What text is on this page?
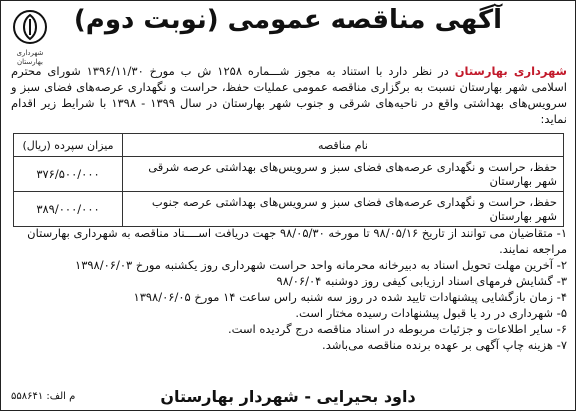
شهرداری بهارستان
آگهی مناقصه عمومی (نوبت دوم)
شهرداری بهارستان در نظر دارد با استناد به مجوز شـــماره ۱۲۵۸ ش ب مورخ ۱۳۹۶/۱۱/۳۰ شورای محترم اسلامی شهر بهارستان نسبت به برگزاری مناقصه عمومی عملیات حفظ، حراست و نگهداری عرصه‌های فضای سبز و سرویس‌های بهداشتی واقع در ناحیه‌های شرقی و جنوب شهر بهارستان در سال ۱۳۹۹ - ۱۳۹۸ با شرایط زیر اقدام نماید:
نام مناقصه	میزان سپرده (ریال)
حفظ، حراست و نگهداری عرصه‌های فضای سبز و سرویس‌های بهداشتی عرصه شرقی شهر بهارستان	۳۷۶/۵۰۰/۰۰۰
حفظ، حراست و نگهداری عرصه‌های فضای سبز و سرویس‌های بهداشتی عرصه جنوب شهر بهارستان	۳۸۹/۰۰۰/۰۰۰
۱- متقاضیان می توانند از تاریخ ۹۸/۰۵/۱۶ تا مورخه ۹۸/۰۵/۳۰ جهت دریافت اســــناد مناقصه به شهرداری بهارستان مراجعه نمایند.
۲- آخرین مهلت تحویل اسناد به دبیرخانه محرمانه واحد حراست شهرداری روز یکشنبه مورخ ۱۳۹۸/۰۶/۰۳
۳- گشایش فرمهای اسناد ارزیابی کیفی روز دوشنبه ۹۸/۰۶/۰۴
۴- زمان بازگشایی پیشنهادات تایید شده در روز سه شنبه راس ساعت ۱۴ مورخ ۱۳۹۸/۰۶/۰۵
۵- شهرداری در رد یا قبول پیشنهادات رسیده مختار است.
۶- سایر اطلاعات و جزئیات مربوطه در اسناد مناقصه درج گردیده است.
۷- هزینه چاپ آگهی بر عهده برنده مناقصه می‌باشد.
داود بحیرایی - شهردار بهارستان
م الف: ۵۵۸۶۴۱
